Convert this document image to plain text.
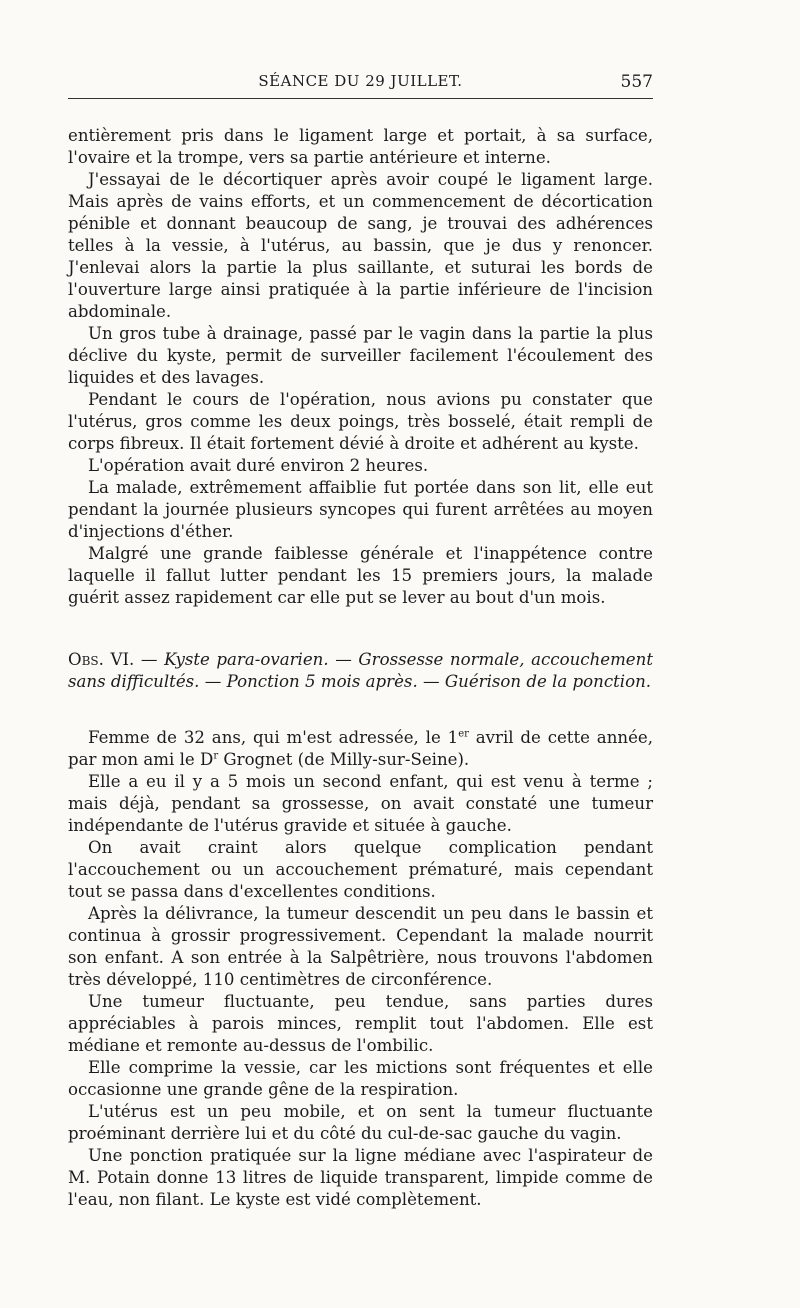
SÉANCE DU 29 JUILLET.	557

entièrement pris dans le ligament large et portait, à sa surface, l'ovaire et la trompe, vers sa partie antérieure et interne.

J'essayai de le décortiquer après avoir coupé le ligament large. Mais après de vains efforts, et un commencement de décortication pénible et donnant beaucoup de sang, je trouvai des adhérences telles à la vessie, à l'utérus, au bassin, que je dus y renoncer. J'enlevai alors la partie la plus saillante, et suturai les bords de l'ouverture large ainsi pratiquée à la partie inférieure de l'incision abdominale.

Un gros tube à drainage, passé par le vagin dans la partie la plus déclive du kyste, permit de surveiller facilement l'écoulement des liquides et des lavages.

Pendant le cours de l'opération, nous avions pu constater que l'utérus, gros comme les deux poings, très bosselé, était rempli de corps fibreux. Il était fortement dévié à droite et adhérent au kyste.

L'opération avait duré environ 2 heures.

La malade, extrêmement affaiblie fut portée dans son lit, elle eut pendant la journée plusieurs syncopes qui furent arrêtées au moyen d'injections d'éther.

Malgré une grande faiblesse générale et l'inappétence contre laquelle il fallut lutter pendant les 15 premiers jours, la malade guérit assez rapidement car elle put se lever au bout d'un mois.

Obs. VI. — Kyste para-ovarien. — Grossesse normale, accouchement sans difficultés. — Ponction 5 mois après. — Guérison de la ponction.

Femme de 32 ans, qui m'est adressée, le 1er avril de cette année, par mon ami le $D^r$ Grognet (de Milly-sur-Seine).

Elle a eu il y a 5 mois un second enfant, qui est venu à terme ; mais déjà, pendant sa grossesse, on avait constaté une tumeur indépendante de l'utérus gravide et située à gauche.

On avait craint alors quelque complication pendant l'accouchement ou un accouchement prématuré, mais cependant tout se passa dans d'excellentes conditions.

Après la délivrance, la tumeur descendit un peu dans le bassin et continua à grossir progressivement. Cependant la malade nourrit son enfant. A son entrée à la Salpêtrière, nous trouvons l'abdomen très développé, 110 centimètres de circonférence.

Une tumeur fluctuante, peu tendue, sans parties dures appréciables à parois minces, remplit tout l'abdomen. Elle est médiane et remonte au-dessus de l'ombilic.

Elle comprime la vessie, car les mictions sont fréquentes et elle occasionne une grande gêne de la respiration.

L'utérus est un peu mobile, et on sent la tumeur fluctuante proéminant derrière lui et du côté du cul-de-sac gauche du vagin.

Une ponction pratiquée sur la ligne médiane avec l'aspirateur de M. Potain donne 13 litres de liquide transparent, limpide comme de l'eau, non filant. Le kyste est vidé complètement.
